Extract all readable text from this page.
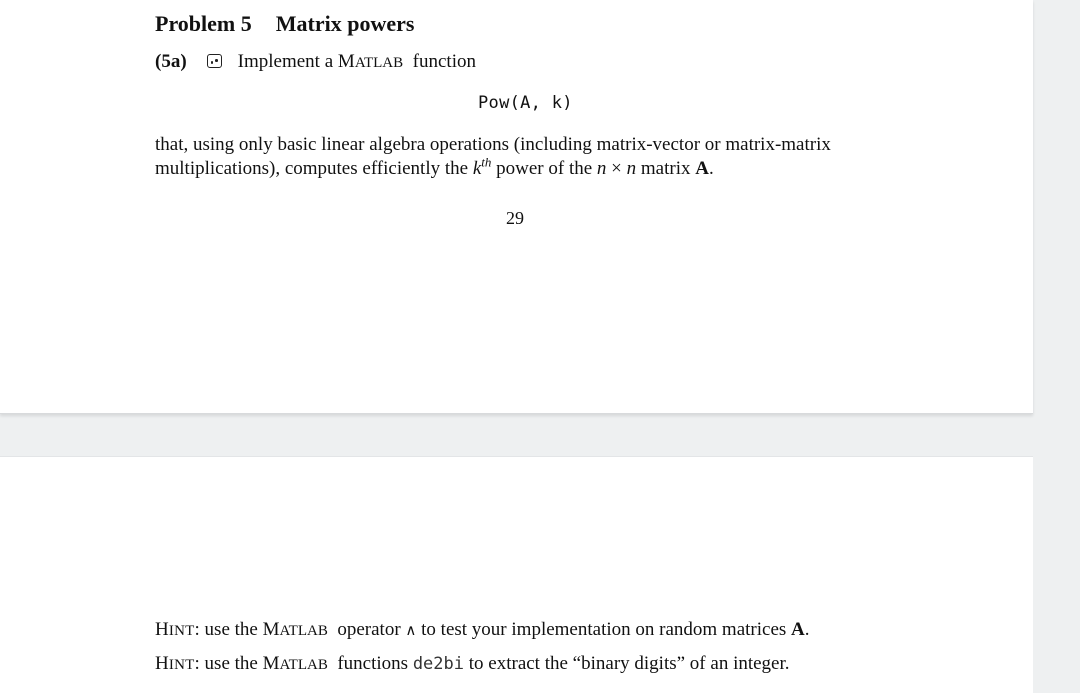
Problem 5 Matrix powers
(5a)	Implement a
MATLAB
function
Pow(A, k)
that, using only basic linear algebra operations (including matrix-vector or matrix-matrix
multiplications), computes efficiently the $k^{th}$ power of the n × n matrix A.
29
HINT: use the MATLAB operator ∧ to test your implementation on random matrices A.
HINT: use the MATLAB functions de2bi to extract the “binary digits” of an integer.
